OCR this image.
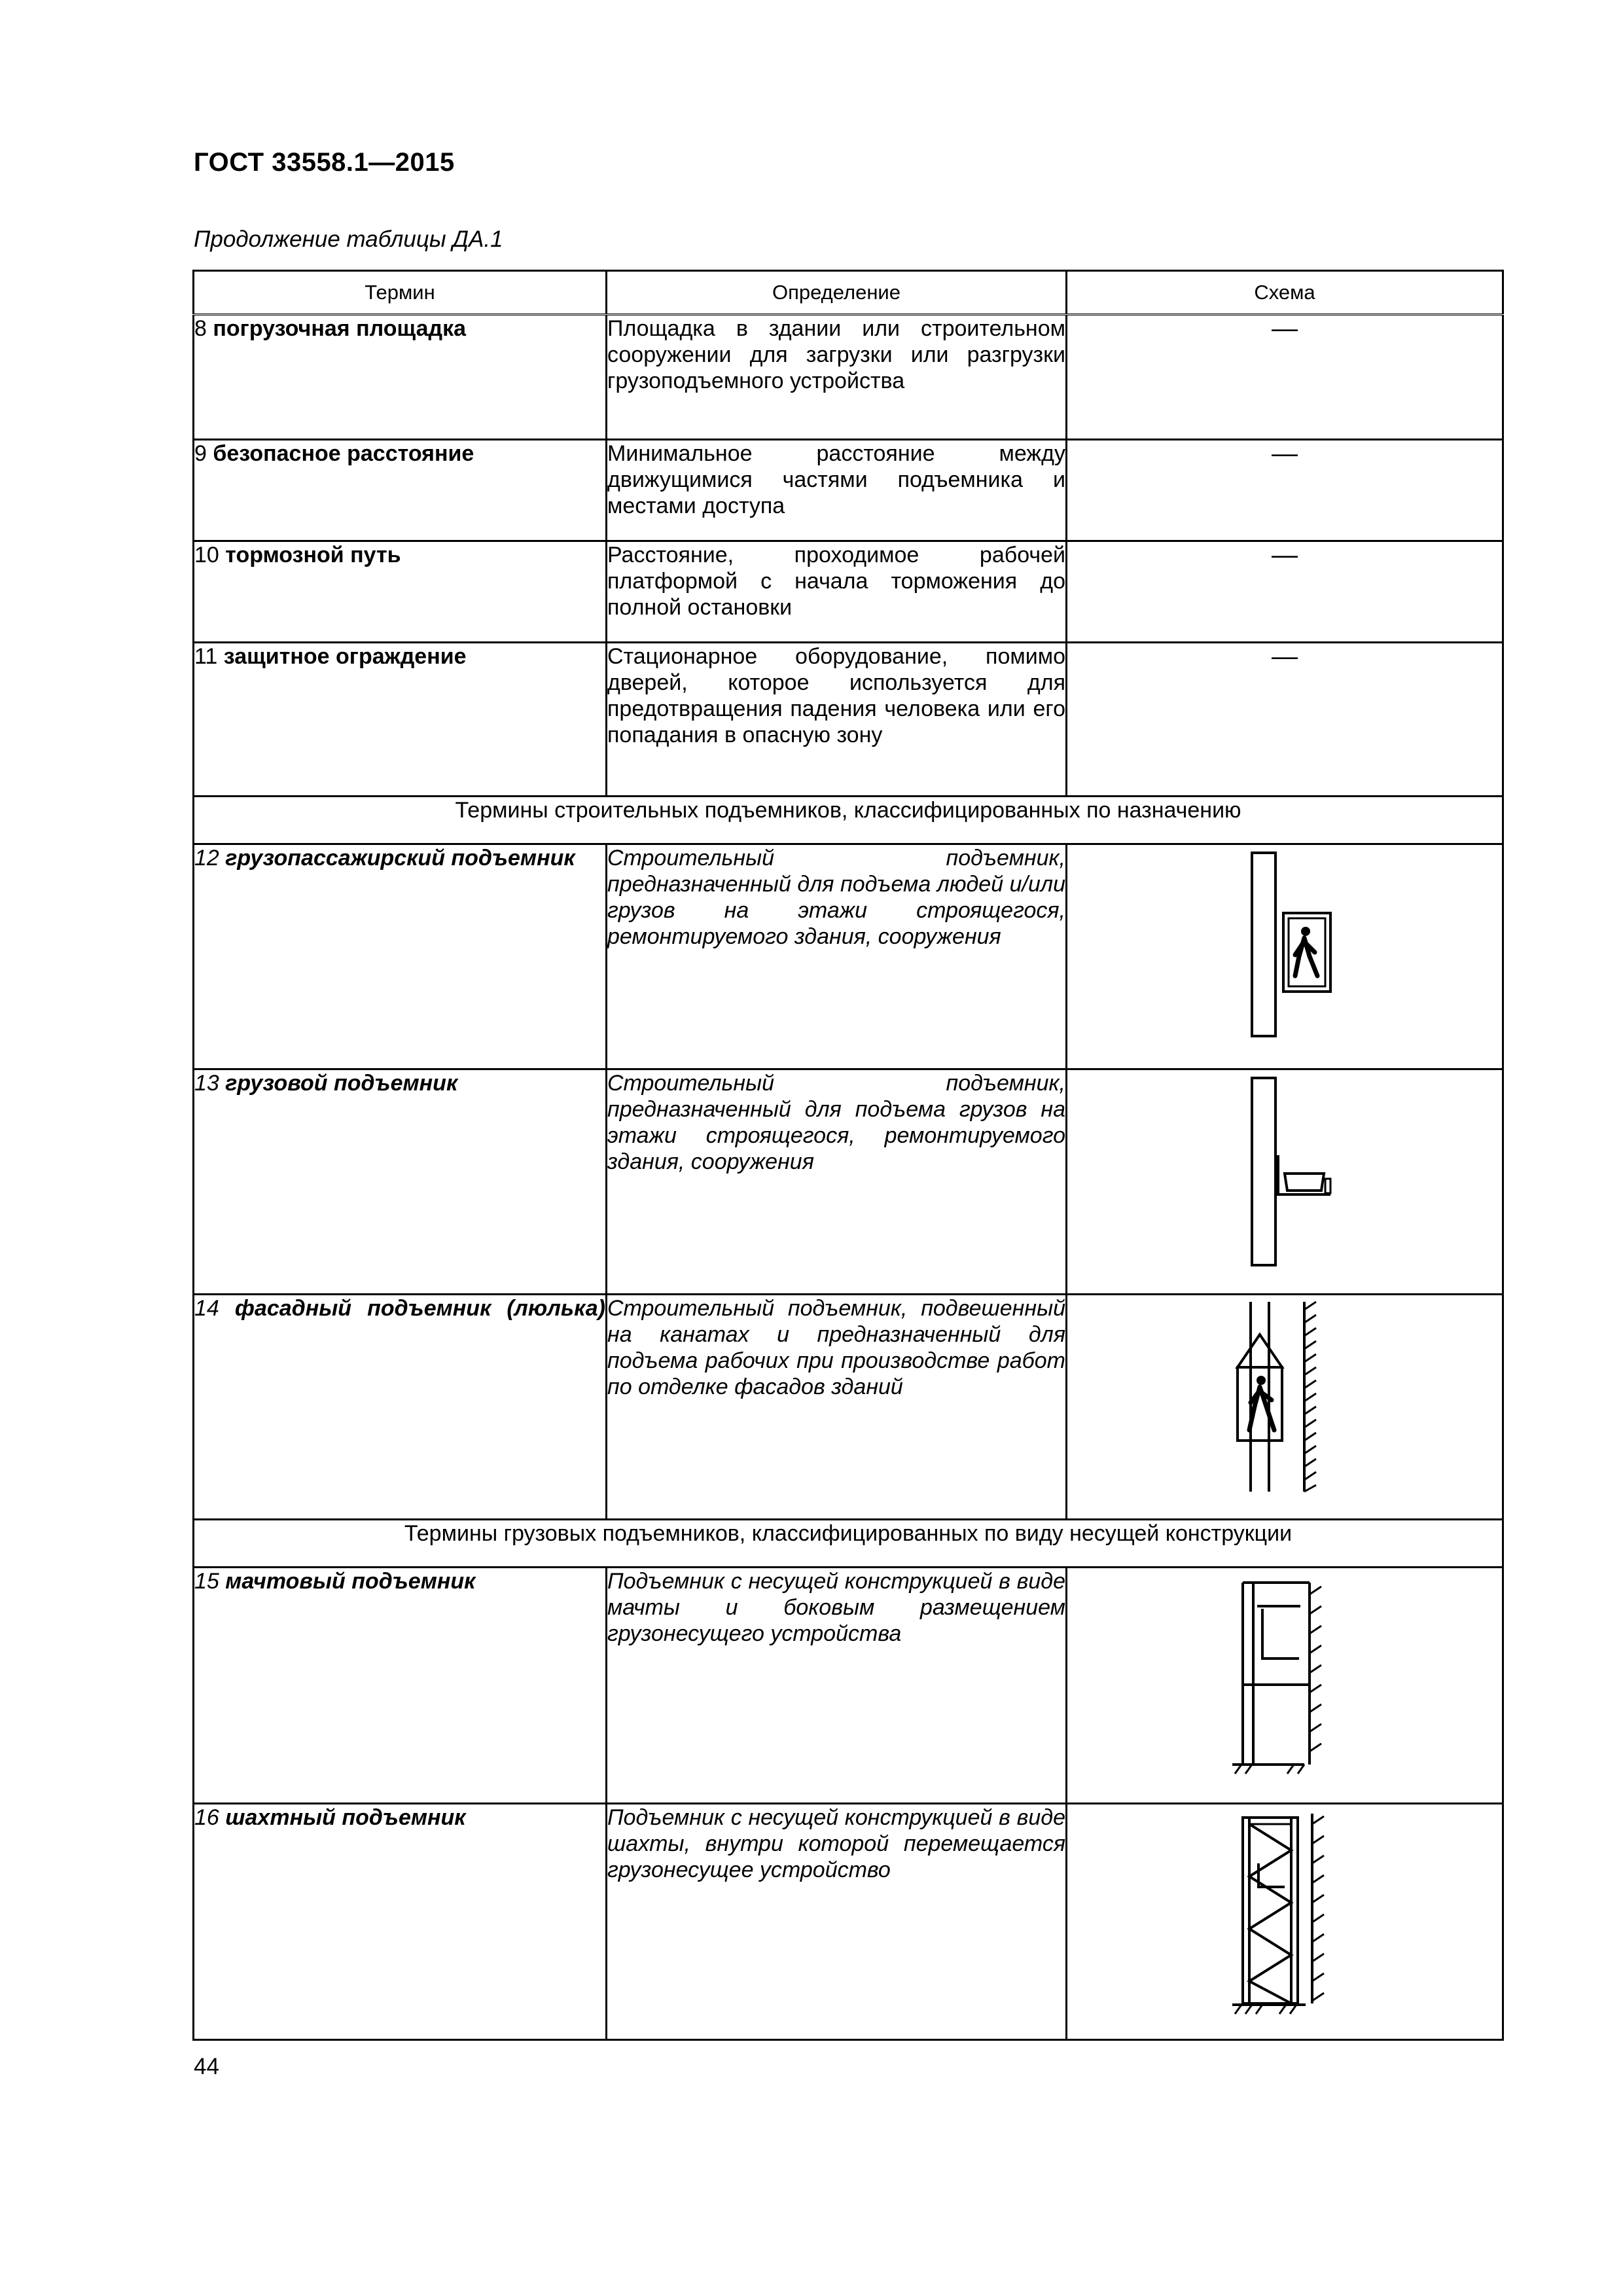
ГОСТ 33558.1—2015
Продолжение таблицы ДА.1
Термин	Определение	Схема
8 погрузочная площадка	Площадка в здании или строительном сооружении для загрузки или разгрузки грузоподъемного устройства	—
9 безопасное расстояние	Минимальное расстояние между движущимися частями подъемника и местами доступа	—
10 тормозной путь	Расстояние, проходимое рабочей платформой с начала торможения до полной остановки	—
11 защитное ограждение	Стационарное оборудование, помимо дверей, которое используется для предотвращения падения человека или его попадания в опасную зону	—
Термины строительных подъемников, классифицированных по назначению		
12 грузопассажирский подъемник	Строительный подъемник, предназначенный для подъема людей и/или грузов на этажи строящегося, ремонтируемого здания, сооружения	

13 грузовой подъемник	Строительный подъемник, предназначенный для подъема грузов на этажи строящегося, ремонтируемого здания, сооружения	

14 фасадный подъемник (люлька)	Строительный подъемник, подвешенный на канатах и предназначенный для подъема рабочих при производстве работ по отделке фасадов зданий	

Термины грузовых подъемников, классифицированных по виду несущей конструкции		
15 мачтовый подъемник	Подъемник с несущей конструкцией в виде мачты и боковым размещением грузонесущего устройства	

16 шахтный подъемник	Подъемник с несущей конструкцией в виде шахты, внутри которой перемещается грузонесущее устройство	
44
